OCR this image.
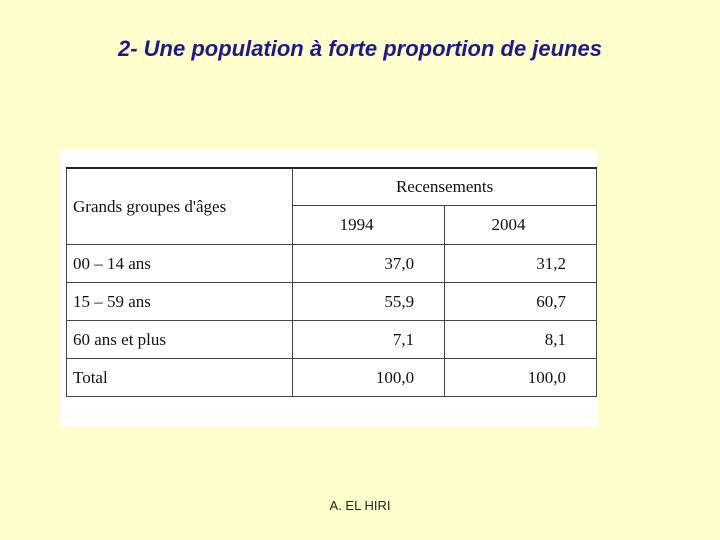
2- Une population à forte proportion de jeunes
Grands groupes d'âges	Recensements	
	1994	2004
00 – 14 ans	37,0	31,2
15 – 59 ans	55,9	60,7
60 ans et plus	7,1	8,1
Total	100,0	100,0
A. EL HIRI
